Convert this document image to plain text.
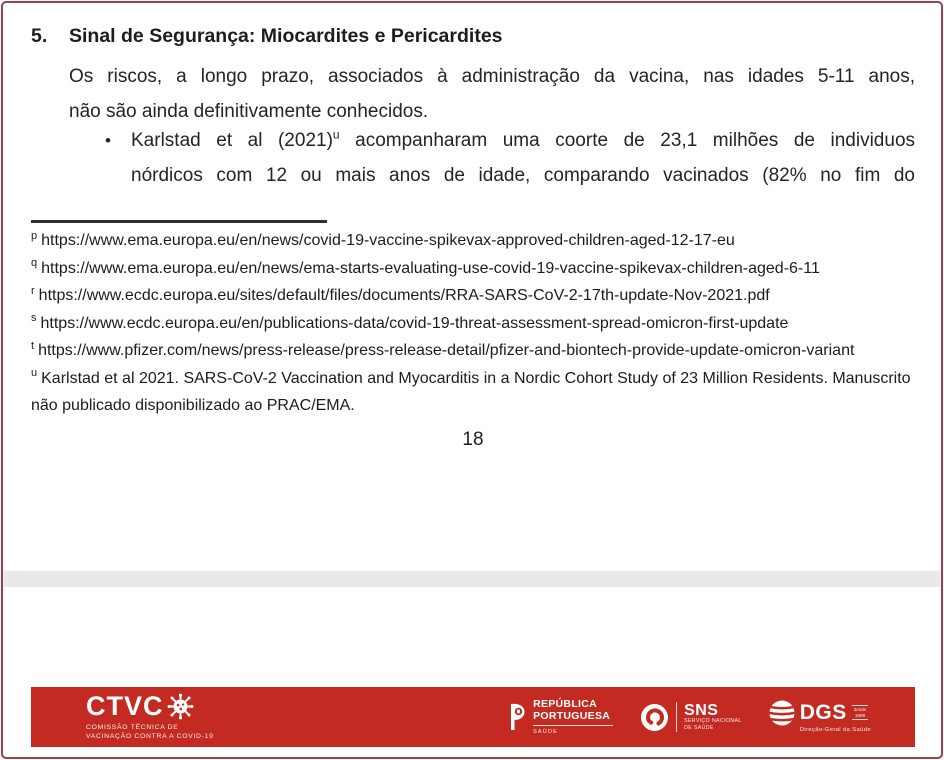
5.	Sinal de Segurança: Miocardites e Pericardites
Os riscos, a longo prazo, associados à administração da vacina, nas idades 5-11 anos,
não são ainda definitivamente conhecidos.
• Karlstad et al (2021)$^u$ acompanharam uma coorte de 23,1 milhões de individuos
nórdicos com 12 ou mais anos de idade, comparando vacinados (82% no fim do
$^p$ https://www.ema.europa.eu/en/news/covid-19-vaccine-spikevax-approved-children-aged-12-17-eu
$^q$ https://www.ema.europa.eu/en/news/ema-starts-evaluating-use-covid-19-vaccine-spikevax-children-aged-6-11
$^r$ https://www.ecdc.europa.eu/sites/default/files/documents/RRA-SARS-CoV-2-17th-update-Nov-2021.pdf
$^s$ https://www.ecdc.europa.eu/en/publications-data/covid-19-threat-assessment-spread-omicron-first-update
$^t$ https://www.pfizer.com/news/press-release/press-release-detail/pfizer-and-biontech-provide-update-omicron-variant
$^u$ Karlstad et al 2021. SARS-CoV-2 Vaccination and Myocarditis in a Nordic Cohort Study of 23 Million Residents. Manuscrito não publicado disponibilizado ao PRAC/EMA.
18
CTVC
COMISSÃO TÉCNICA DE
VACINAÇÃO CONTRA A COVID-19
REPÚBLICA
PORTUGUESA
SAÚDE
SNS
SERVIÇO NACIONAL
DE SAÚDE
DGS desde
1899
Direção-Geral da Saúde
